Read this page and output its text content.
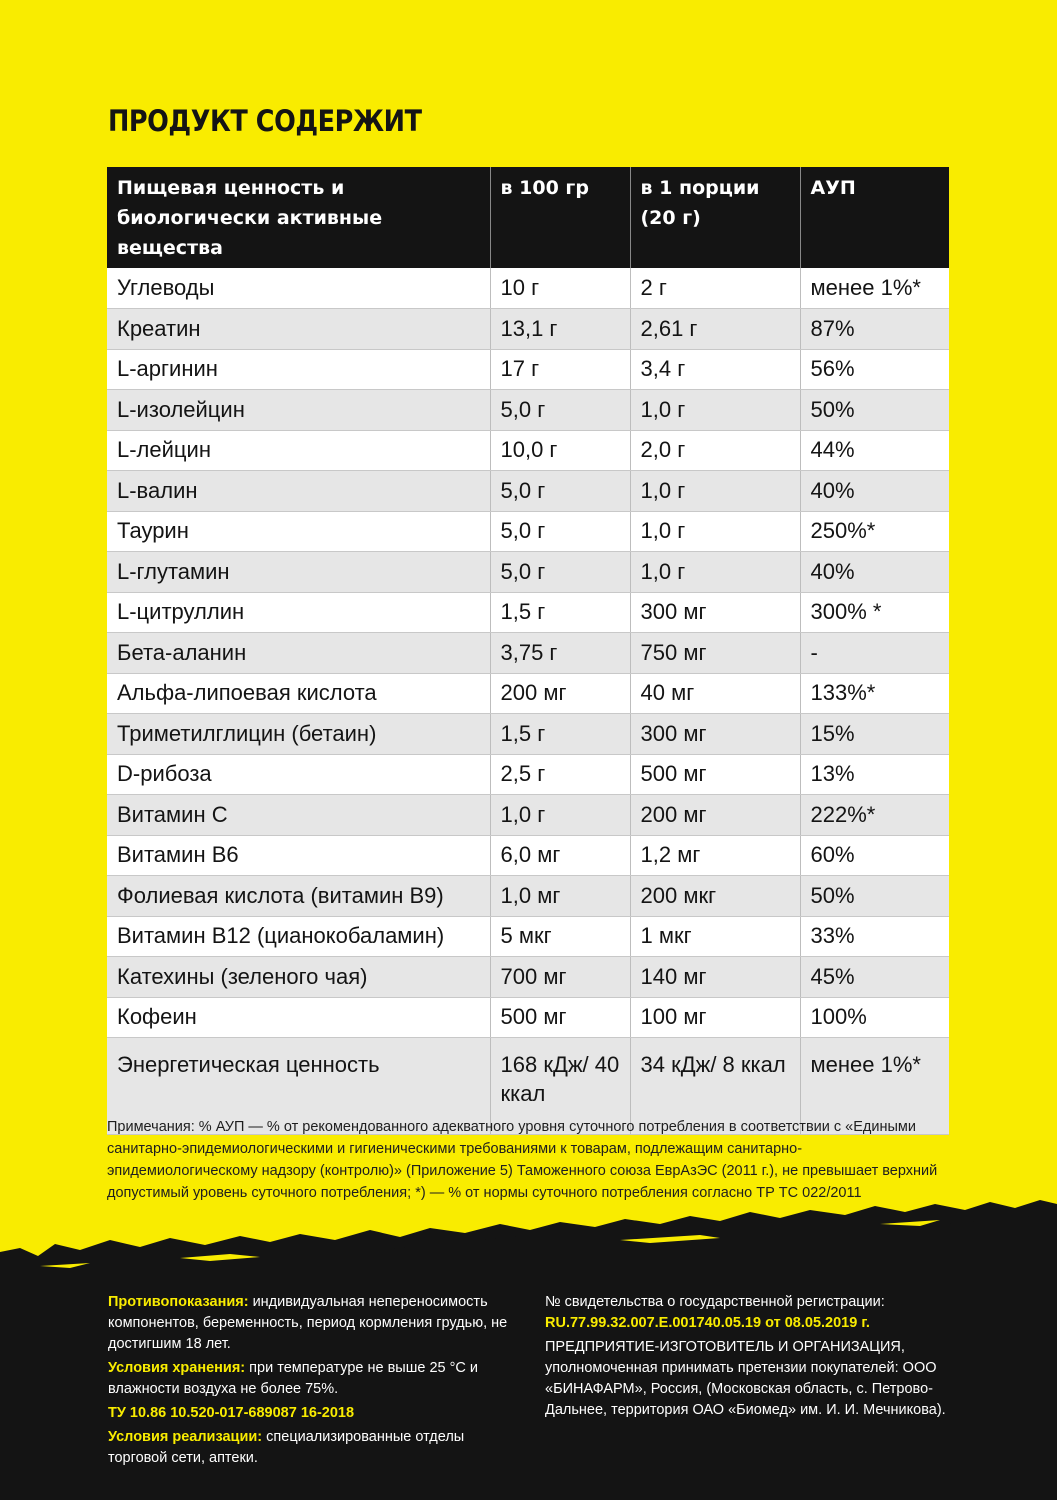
ПРОДУКТ СОДЕРЖИТ
Пищевая ценность и биологически активные вещества	в 100 гр	в 1 порции (20 г)	АУП
Углеводы	10 г	2 г	менее 1%*
Креатин	13,1 г	2,61 г	87%
L-аргинин	17 г	3,4 г	56%
L-изолейцин	5,0 г	1,0 г	50%
L-лейцин	10,0 г	2,0 г	44%
L-валин	5,0 г	1,0 г	40%
Таурин	5,0 г	1,0 г	250%*
L-глутамин	5,0 г	1,0 г	40%
L-цитруллин	1,5 г	300 мг	300% *
Бета-аланин	3,75 г	750 мг	-
Альфа-липоевая кислота	200 мг	40 мг	133%*
Триметилглицин (бетаин)	1,5 г	300 мг	15%
D-рибоза	2,5 г	500 мг	13%
Витамин С	1,0 г	200 мг	222%*
Витамин В6	6,0 мг	1,2 мг	60%
Фолиевая кислота (витамин В9)	1,0 мг	200 мкг	50%
Витамин В12 (цианокобаламин)	5 мкг	1 мкг	33%
Катехины (зеленого чая)	700 мг	140 мг	45%
Кофеин	500 мг	100 мг	100%
Энергетическая ценность	168 кДж/ 40 ккал	34 кДж/ 8 ккал	менее 1%*

Примечания: % АУП — % от рекомендованного адекватного уровня суточного потребления в соответствии с «Едиными санитарно-эпидемиологическими и гигиеническими требованиями к товарам, подлежащим санитарно-эпидемиологическому надзору (контролю)» (Приложение 5) Таможенного союза ЕврАзЭС (2011 г.), не превышает верхний допустимый уровень суточного потребления; *) — % от нормы суточного потребления согласно ТР ТС 022/2011

Противопоказания: индивидуальная непереносимость компонентов, беременность, период кормления грудью, не достигшим 18 лет.

Условия хранения: при температуре не выше 25 °С и влажности воздуха не более 75%.

ТУ 10.86 10.520-017-689087 16-2018

Условия реализации: специализированные отделы торговой сети, аптеки.

№ свидетельства о государственной регистрации:

RU.77.99.32.007.Е.001740.05.19 от 08.05.2019 г.

ПРЕДПРИЯТИЕ-ИЗГОТОВИТЕЛЬ И ОРГАНИЗАЦИЯ, уполномоченная принимать претензии покупателей: ООО «БИНАФАРМ», Россия, (Московская область, с. Петрово-Дальнее, территория ОАО «Биомед» им. И. И. Мечникова).
